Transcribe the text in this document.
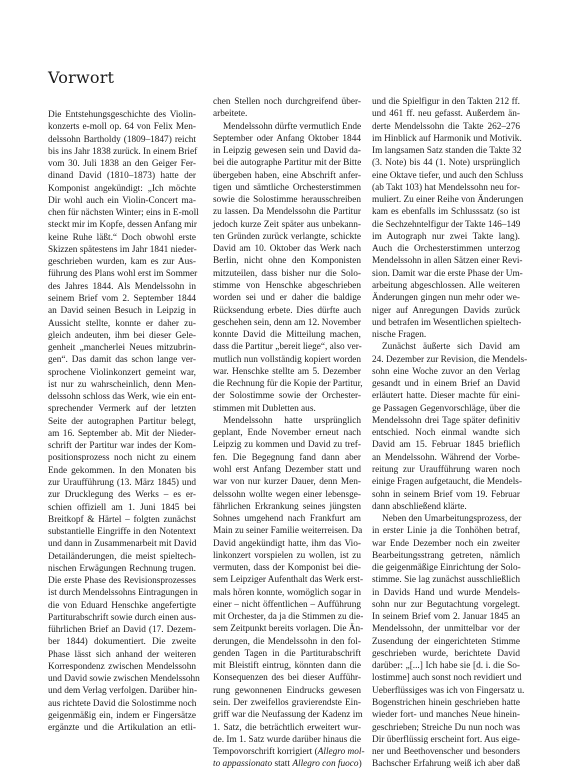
Vorwort
Die Entstehungsgeschichte des Violin-
konzerts e-moll op. 64 von Felix Men-
delssohn Bartholdy (1809–1847) reicht
bis ins Jahr 1838 zurück. In einem Brief
vom 30. Juli 1838 an den Geiger Fer-
dinand David (1810–1873) hatte der
Komponist angekündigt: „Ich möchte
Dir wohl auch ein Violin-Concert ma-
chen für nächsten Winter; eins in E-moll
steckt mir im Kopfe, dessen Anfang mir
keine Ruhe läßt.“ Doch obwohl erste
Skizzen spätestens im Jahr 1841 nieder-
geschrieben wurden, kam es zur Aus-
führung des Plans wohl erst im Sommer
des Jahres 1844. Als Mendelssohn in
seinem Brief vom 2. September 1844
an David seinen Besuch in Leipzig in
Aussicht stellte, konnte er daher zu-
gleich andeuten, ihm bei dieser Gele-
genheit „mancherlei Neues mitzubrin-
gen“. Das damit das schon lange ver-
sprochene Violinkonzert gemeint war,
ist nur zu wahrscheinlich, denn Men-
delssohn schloss das Werk, wie ein ent-
sprechender Vermerk auf der letzten
Seite der autographen Partitur belegt,
am 16. September ab. Mit der Nieder-
schrift der Partitur war indes der Kom-
positionsprozess noch nicht zu einem
Ende gekommen. In den Monaten bis
zur Uraufführung (13. März 1845) und
zur Drucklegung des Werks – es er-
schien offiziell am 1. Juni 1845 bei
Breitkopf & Härtel – folgten zunächst
substantielle Eingriffe in den Notentext
und dann in Zusammenarbeit mit David
Detailänderungen, die meist spieltech-
nischen Erwägungen Rechnung trugen.
Die erste Phase des Revisionsprozesses
ist durch Mendelssohns Eintragungen in
die von Eduard Henschke angefertigte
Partiturabschrift sowie durch einen aus-
führlichen Brief an David (17. Dezem-
ber 1844) dokumentiert. Die zweite
Phase lässt sich anhand der weiteren
Korrespondenz zwischen Mendelssohn
und David sowie zwischen Mendelssohn
und dem Verlag verfolgen. Darüber hin-
aus richtete David die Solostimme noch
geigenmäßig ein, indem er Fingersätze
ergänzte und die Artikulation an etli-
chen Stellen noch durchgreifend über-
arbeitete.
Mendelssohn dürfte vermutlich Ende
September oder Anfang Oktober 1844
in Leipzig gewesen sein und David da-
bei die autographe Partitur mit der Bitte
übergeben haben, eine Abschrift anfer-
tigen und sämtliche Orchesterstimmen
sowie die Solostimme herausschreiben
zu lassen. Da Mendelssohn die Partitur
jedoch kurze Zeit später aus unbekann-
ten Gründen zurück verlangte, schickte
David am 10. Oktober das Werk nach
Berlin, nicht ohne den Komponisten
mitzuteilen, dass bisher nur die Solo-
stimme von Henschke abgeschrieben
worden sei und er daher die baldige
Rücksendung erbete. Dies dürfte auch
geschehen sein, denn am 12. November
konnte David die Mitteilung machen,
dass die Partitur „bereit liege“, also ver-
mutlich nun vollständig kopiert worden
war. Henschke stellte am 5. Dezember
die Rechnung für die Kopie der Partitur,
der Solostimme sowie der Orchester-
stimmen mit Dubletten aus.
Mendelssohn hatte ursprünglich
geplant, Ende November erneut nach
Leipzig zu kommen und David zu tref-
fen. Die Begegnung fand dann aber
wohl erst Anfang Dezember statt und
war von nur kurzer Dauer, denn Men-
delssohn wollte wegen einer lebensge-
fährlichen Erkrankung seines jüngsten
Sohnes umgehend nach Frankfurt am
Main zu seiner Familie weiterreisen. Da
David angekündigt hatte, ihm das Vio-
linkonzert vorspielen zu wollen, ist zu
vermuten, dass der Komponist bei die-
sem Leipziger Aufenthalt das Werk erst-
mals hören konnte, womöglich sogar in
einer – nicht öffentlichen – Aufführung
mit Orchester, da ja die Stimmen zu die-
sem Zeitpunkt bereits vorlagen. Die Än-
derungen, die Mendelssohn in den fol-
genden Tagen in die Partiturabschrift
mit Bleistift eintrug, könnten dann die
Konsequenzen des bei dieser Aufführ-
rung gewonnenen Eindrucks gewesen
sein. Der zweifellos gravierendste Ein-
griff war die Neufassung der Kadenz im
1. Satz, die beträchtlich erweitert wur-
de. Im 1. Satz wurde darüber hinaus die
Tempovorschrift korrigiert (Allegro mol-
to appassionato statt Allegro con fuoco)
und die Spielfigur in den Takten 212 ff.
und 461 ff. neu gefasst. Außerdem än-
derte Mendelssohn die Takte 262–276
im Hinblick auf Harmonik und Motivik.
Im langsamen Satz standen die Takte 32
(3. Note) bis 44 (1. Note) ursprünglich
eine Oktave tiefer, und auch den Schluss
(ab Takt 103) hat Mendelssohn neu for-
muliert. Zu einer Reihe von Änderungen
kam es ebenfalls im Schlusssatz (so ist
die Sechzehntelfigur der Takte 146–149
im Autograph nur zwei Takte lang).
Auch die Orchesterstimmen unterzog
Mendelssohn in allen Sätzen einer Revi-
sion. Damit war die erste Phase der Um-
arbeitung abgeschlossen. Alle weiteren
Änderungen gingen nun mehr oder we-
niger auf Anregungen Davids zurück
und betrafen im Wesentlichen spieltech-
nische Fragen.
Zunächst äußerte sich David am
24. Dezember zur Revision, die Mendels-
sohn eine Woche zuvor an den Verlag
gesandt und in einem Brief an David
erläutert hatte. Dieser machte für eini-
ge Passagen Gegenvorschläge, über die
Mendelssohn drei Tage später definitiv
entschied. Noch einmal wandte sich
David am 15. Februar 1845 brieflich
an Mendelssohn. Während der Vorbe-
reitung zur Uraufführung waren noch
einige Fragen aufgetaucht, die Mendels-
sohn in seinem Brief vom 19. Februar
dann abschließend klärte.
Neben den Umarbeitungsprozess, der
in erster Linie ja die Tonhöhen betraf,
war Ende Dezember noch ein zweiter
Bearbeitungsstrang getreten, nämlich
die geigenmäßige Einrichtung der Solo-
stimme. Sie lag zunächst ausschließlich
in Davids Hand und wurde Mendels-
sohn nur zur Begutachtung vorgelegt.
In seinem Brief vom 2. Januar 1845 an
Mendelssohn, der unmittelbar vor der
Zusendung der eingerichteten Stimme
geschrieben wurde, berichtete David
darüber: „[...] Ich habe sie [d. i. die So-
lostimme] auch sonst noch revidiert und
Ueberflüssiges was ich von Fingersatz u.
Bogenstrichen hinein geschrieben hatte
wieder fort- und manches Neue hinein-
geschrieben; Streiche Du nun noch was
Dir überflüssig erscheint fort. Aus eige-
ner und Beethovenscher und besonders
Bachscher Erfahrung weiß ich aber daß
